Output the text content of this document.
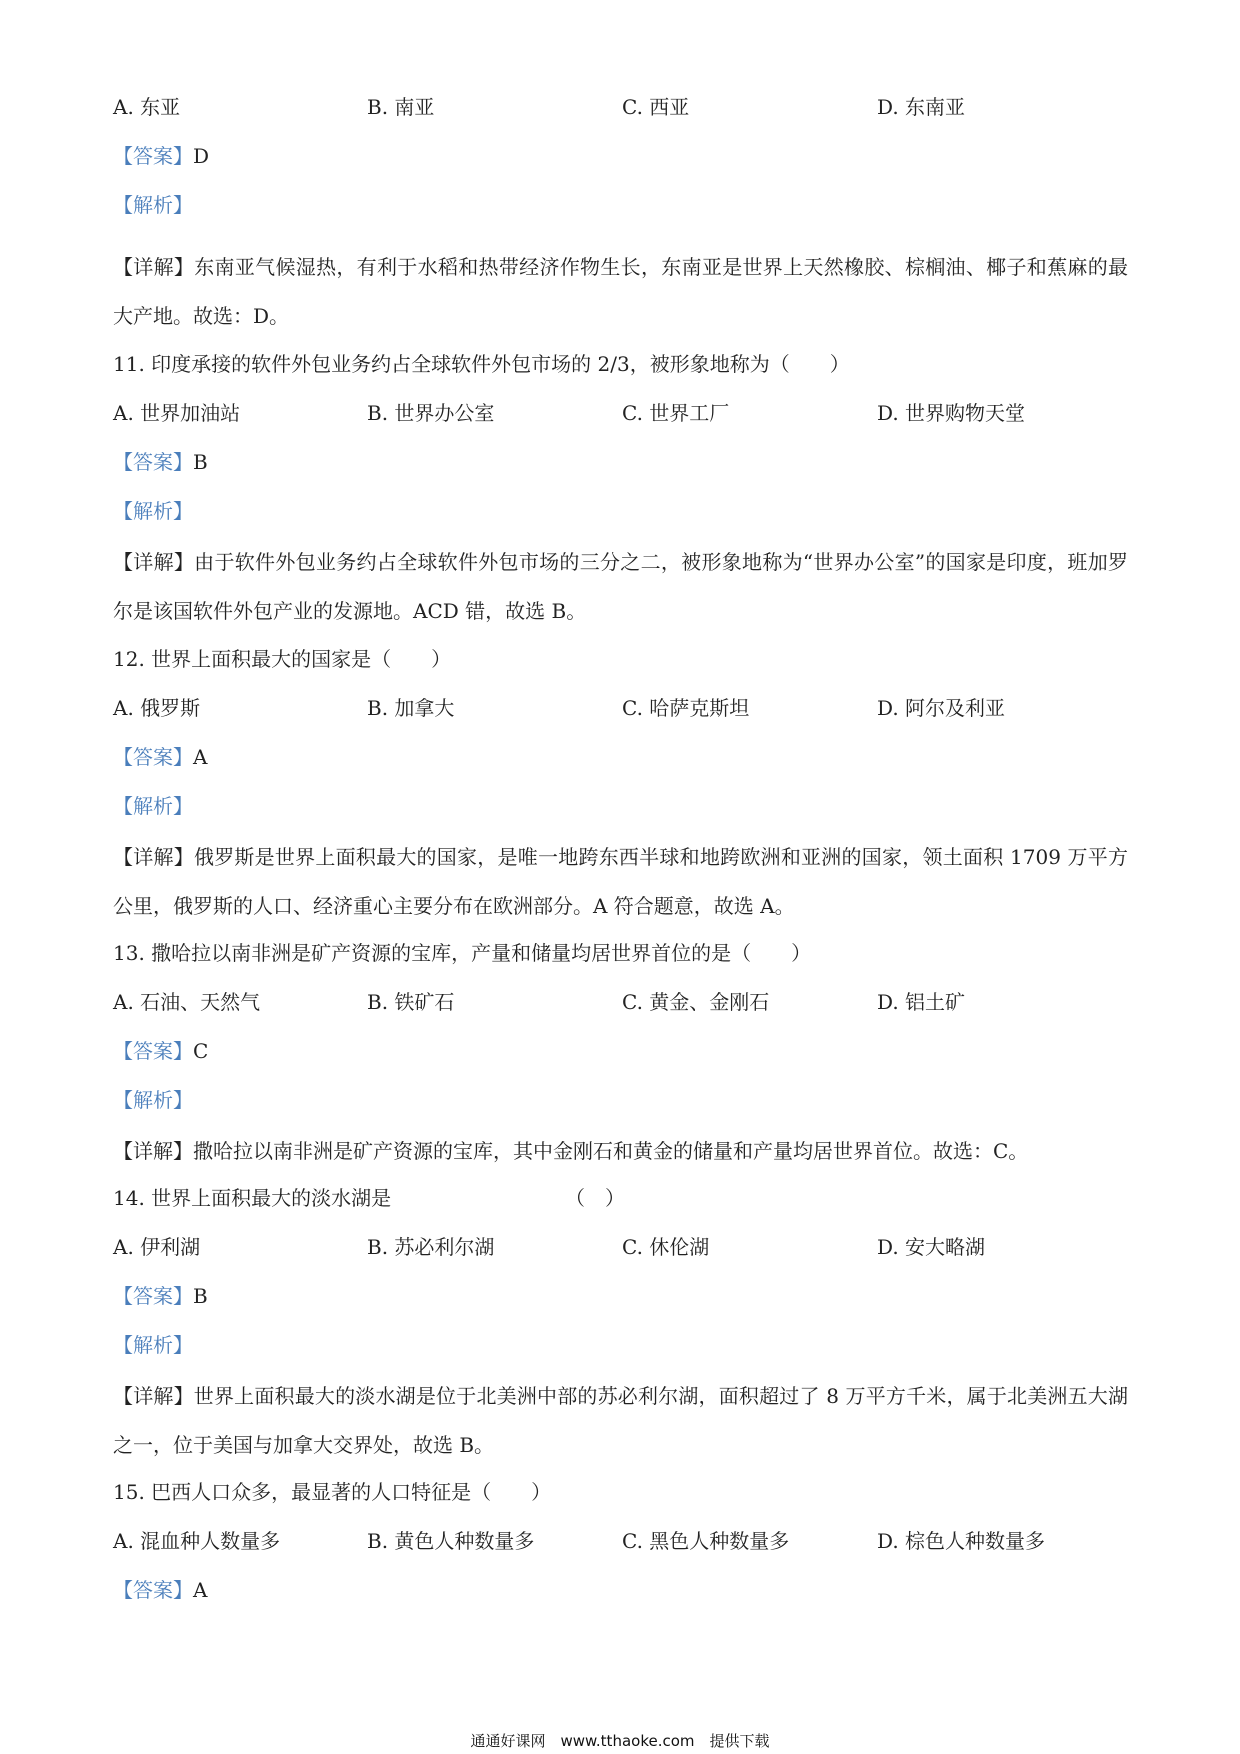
A. 东亚	B. 南亚	C. 西亚	D. 东南亚
【答案】D
【解析】
【详解】东南亚气候湿热，有利于水稻和热带经济作物生长，东南亚是世界上天然橡胶、棕榈油、椰子和蕉麻的最大产地。故选：D。
11. 印度承接的软件外包业务约占全球软件外包市场的 2/3，被形象地称为（　　）
A. 世界加油站	B. 世界办公室	C. 世界工厂	D. 世界购物天堂
【答案】B
【解析】
【详解】由于软件外包业务约占全球软件外包市场的三分之二，被形象地称为“世界办公室”的国家是印度，班加罗尔是该国软件外包产业的发源地。ACD 错，故选 B。
12. 世界上面积最大的国家是（　　）
A. 俄罗斯	B. 加拿大	C. 哈萨克斯坦	D. 阿尔及利亚
【答案】A
【解析】
【详解】俄罗斯是世界上面积最大的国家，是唯一地跨东西半球和地跨欧洲和亚洲的国家，领土面积 1709 万平方公里，俄罗斯的人口、经济重心主要分布在欧洲部分。A 符合题意，故选 A。
13. 撒哈拉以南非洲是矿产资源的宝库，产量和储量均居世界首位的是（　　）
A. 石油、天然气	B. 铁矿石	C. 黄金、金刚石	D. 铝土矿
【答案】C
【解析】
【详解】撒哈拉以南非洲是矿产资源的宝库，其中金刚石和黄金的储量和产量均居世界首位。故选：C。
14. 世界上面积最大的淡水湖是	（　）
A. 伊利湖	B. 苏必利尔湖	C. 休伦湖	D. 安大略湖
【答案】B
【解析】
【详解】世界上面积最大的淡水湖是位于北美洲中部的苏必利尔湖，面积超过了 8 万平方千米，属于北美洲五大湖之一，位于美国与加拿大交界处，故选 B。
15. 巴西人口众多，最显著的人口特征是（　　）
A. 混血种人数量多	B. 黄色人种数量多	C. 黑色人种数量多	D. 棕色人种数量多
【答案】A
通通好课网　www.tthaoke.com　提供下载
